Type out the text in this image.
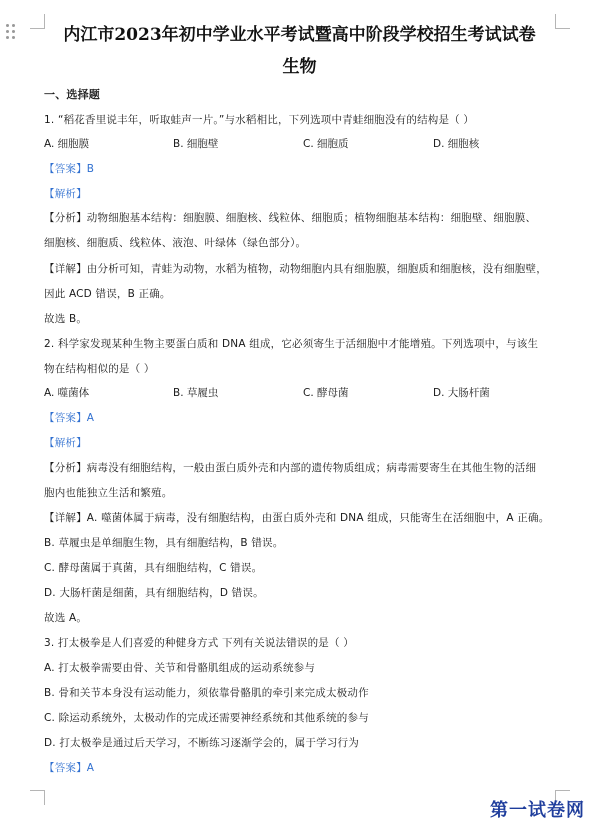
内江市2023年初中学业水平考试暨高中阶段学校招生考试试卷
生物
一、选择题
1. “稻花香里说丰年，听取蛙声一片。”与水稻相比，下列选项中青蛙细胞没有的结构是（ ）
A. 细胞膜	B. 细胞壁	C. 细胞质	D. 细胞核
【答案】B
【解析】
【分析】动物细胞基本结构：细胞膜、细胞核、线粒体、细胞质；植物细胞基本结构：细胞壁、细胞膜、
细胞核、细胞质、线粒体、液泡、叶绿体（绿色部分）。
【详解】由分析可知，青蛙为动物，水稻为植物，动物细胞内具有细胞膜，细胞质和细胞核，没有细胞壁，
因此 ACD 错误，B 正确。
故选 B。
2. 科学家发现某种生物主要蛋白质和 DNA 组成，它必须寄生于活细胞中才能增殖。下列选项中，与该生
物在结构相似的是（ ）
A. 噬菌体	B. 草履虫	C. 酵母菌	D. 大肠杆菌
【答案】A
【解析】
【分析】病毒没有细胞结构，一般由蛋白质外壳和内部的遗传物质组成；病毒需要寄生在其他生物的活细
胞内也能独立生活和繁殖。
【详解】A. 噬菌体属于病毒，没有细胞结构，由蛋白质外壳和 DNA 组成，只能寄生在活细胞中，A 正确。
B. 草履虫是单细胞生物，具有细胞结构，B 错误。
C. 酵母菌属于真菌，具有细胞结构，C 错误。
D. 大肠杆菌是细菌，具有细胞结构，D 错误。
故选 A。
3. 打太极拳是人们喜爱的种健身方式 下列有关说法错误的是（ ）
A. 打太极拳需要由骨、关节和骨骼肌组成的运动系统参与
B. 骨和关节本身没有运动能力，须依靠骨骼肌的牵引来完成太极动作
C. 除运动系统外，太极动作的完成还需要神经系统和其他系统的参与
D. 打太极拳是通过后天学习，不断练习逐渐学会的，属于学习行为
【答案】A
第一试卷网
